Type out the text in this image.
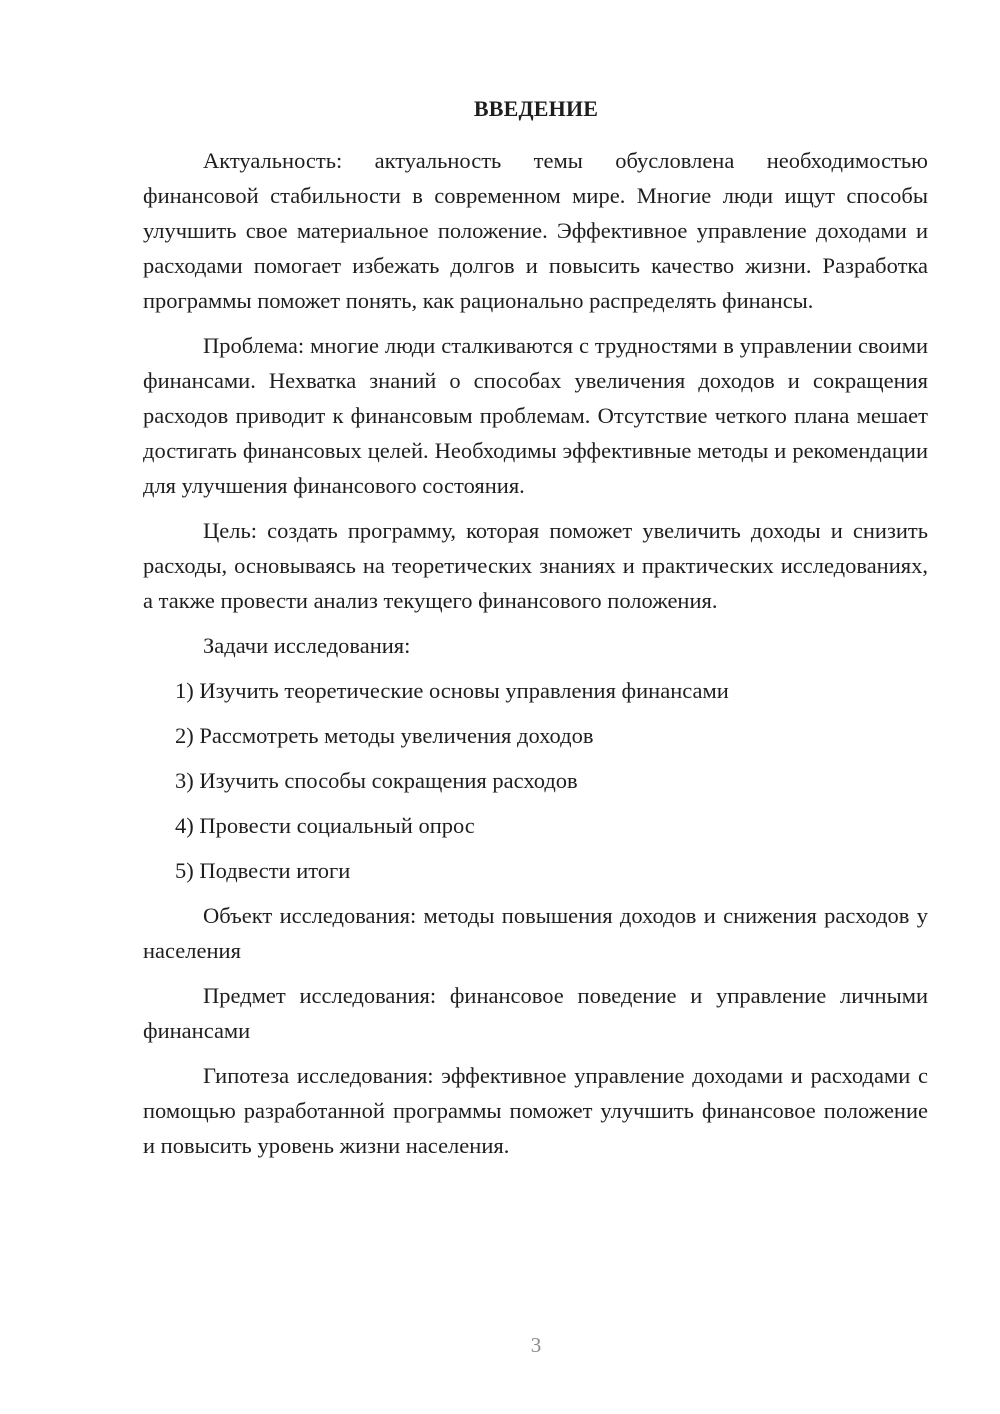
ВВЕДЕНИЕ

Актуальность: актуальность темы обусловлена необходимостью финансовой стабильности в современном мире. Многие люди ищут способы улучшить свое материальное положение. Эффективное управление доходами и расходами помогает избежать долгов и повысить качество жизни. Разработка программы поможет понять, как рационально распределять финансы.

Проблема: многие люди сталкиваются с трудностями в управлении своими финансами. Нехватка знаний о способах увеличения доходов и сокращения расходов приводит к финансовым проблемам. Отсутствие четкого плана мешает достигать финансовых целей. Необходимы эффективные методы и рекомендации для улучшения финансового состояния.

Цель: создать программу, которая поможет увеличить доходы и снизить расходы, основываясь на теоретических знаниях и практических исследованиях, а также провести анализ текущего финансового положения.

Задачи исследования:

1) Изучить теоретические основы управления финансами
2) Рассмотреть методы увеличения доходов
3) Изучить способы сокращения расходов
4) Провести социальный опрос
5) Подвести итоги

Объект исследования: методы повышения доходов и снижения расходов у населения

Предмет исследования: финансовое поведение и управление личными финансами

Гипотеза исследования: эффективное управление доходами и расходами с помощью разработанной программы поможет улучшить финансовое положение и повысить уровень жизни населения.

3
